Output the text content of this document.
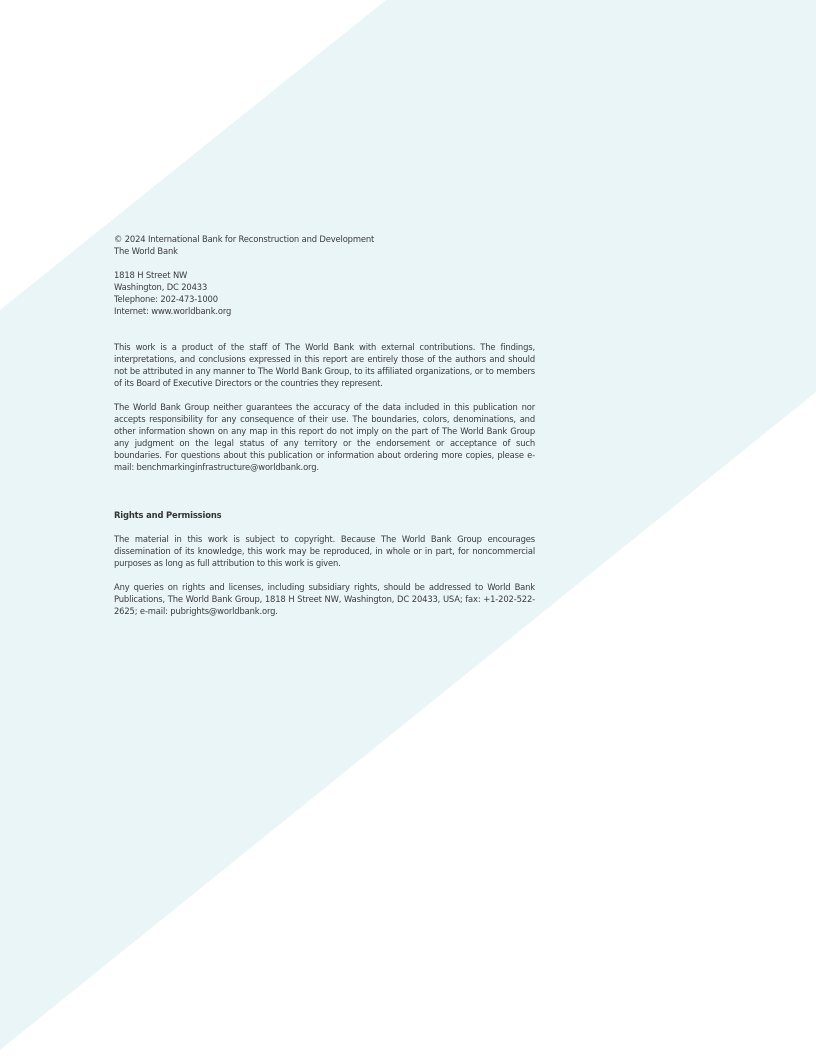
© 2024 International Bank for Reconstruction and Development
The World Bank
1818 H Street NW
Washington, DC 20433
Telephone: 202-473-1000
Internet: www.worldbank.org

This work is a product of the staff of The World Bank with external contributions. The findings, interpretations, and conclusions expressed in this report are entirely those of the authors and should not be attributed in any manner to The World Bank Group, to its affiliated organizations, or to members of its Board of Executive Directors or the countries they represent.

The World Bank Group neither guarantees the accuracy of the data included in this publication nor accepts responsibility for any consequence of their use. The boundaries, colors, denominations, and other information shown on any map in this report do not imply on the part of The World Bank Group any judgment on the legal status of any territory or the endorsement or acceptance of such boundaries. For questions about this publication or information about ordering more copies, please e-mail: benchmarkinginfrastructure@worldbank.org.

Rights and Permissions

The material in this work is subject to copyright. Because The World Bank Group encourages dissemination of its knowledge, this work may be reproduced, in whole or in part, for noncommercial purposes as long as full attribution to this work is given.

Any queries on rights and licenses, including subsidiary rights, should be addressed to World Bank Publications, The World Bank Group, 1818 H Street NW, Washington, DC 20433, USA; fax: +1-202-522-2625; e-mail: pubrights@worldbank.org.
